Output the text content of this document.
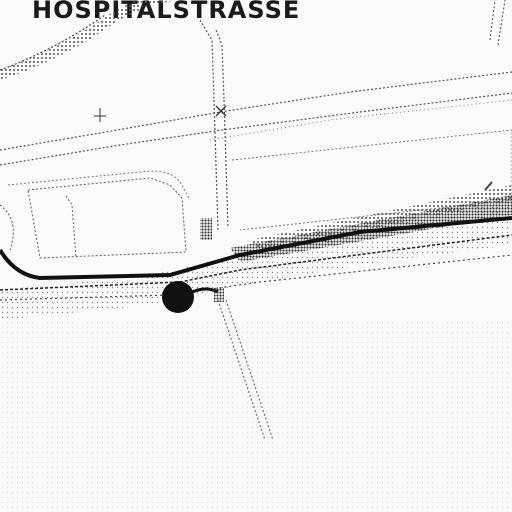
HOSPITALSTRASSE
